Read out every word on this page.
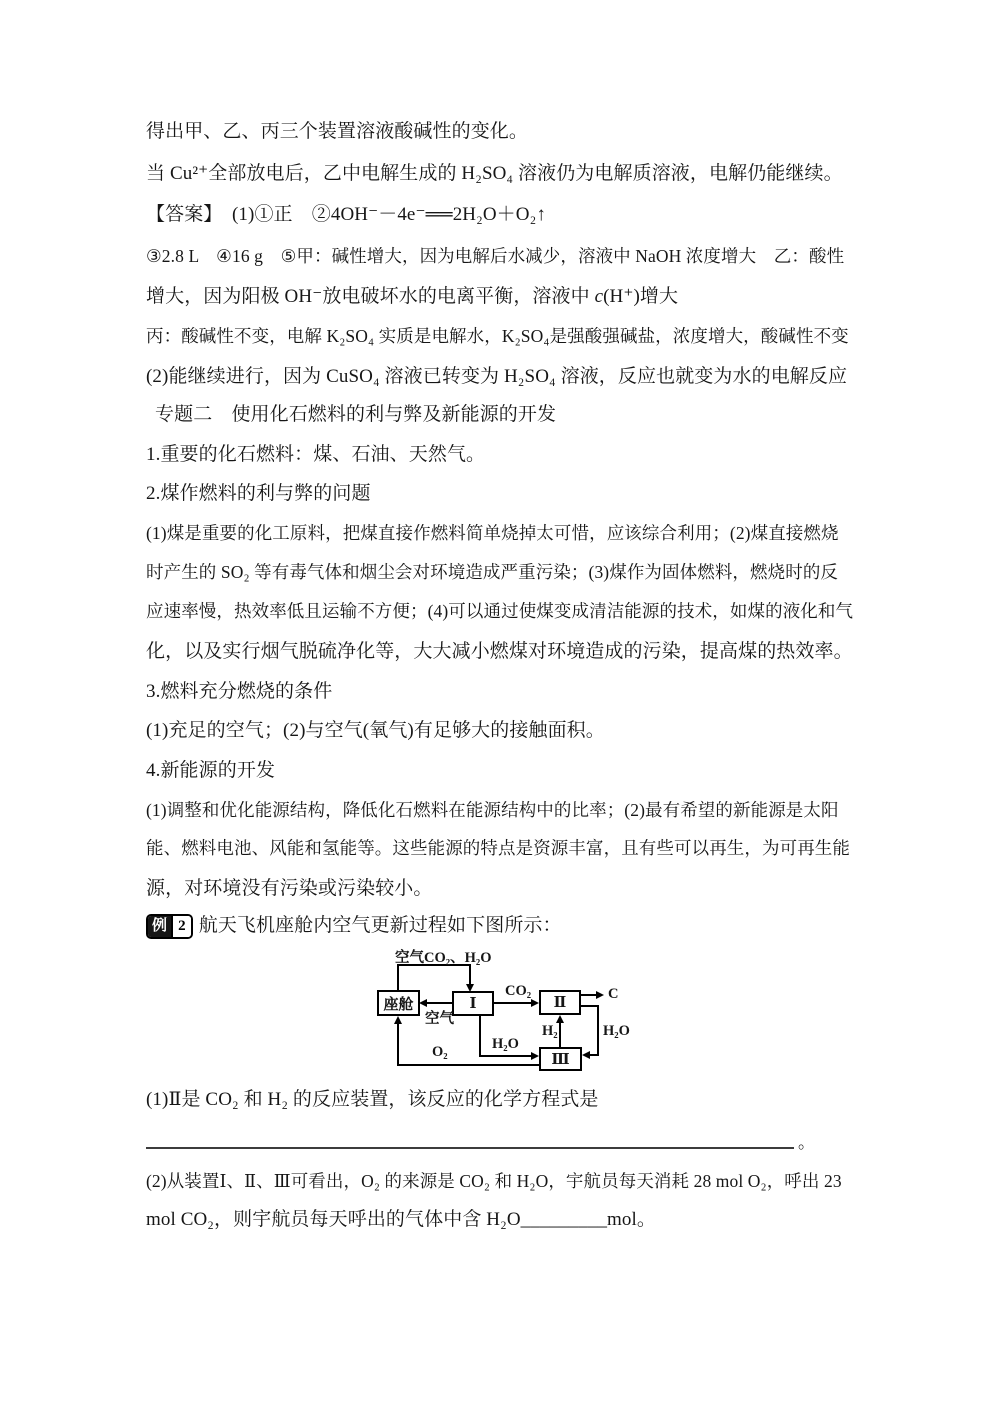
得出甲、乙、丙三个装置溶液酸碱性的变化。
当 Cu²⁺全部放电后，乙中电解生成的 H₂SO₄ 溶液仍为电解质溶液，电解仍能继续。
【答案】　(1)①正　②4OH⁻－4e⁻══2H₂O＋O₂↑
③2.8 L　④16 g　⑤甲：碱性增大，因为电解后水减少，溶液中 NaOH 浓度增大　乙：酸性
增大，因为阳极 OH⁻放电破坏水的电离平衡，溶液中 c(H⁺)增大
丙：酸碱性不变，电解 K₂SO₄ 实质是电解水，K₂SO₄是强酸强碱盐，浓度增大，酸碱性不变
(2)能继续进行，因为 CuSO₄ 溶液已转变为 H₂SO₄ 溶液，反应也就变为水的电解反应
专题二　使用化石燃料的利与弊及新能源的开发
1.重要的化石燃料：煤、石油、天然气。
2.煤作燃料的利与弊的问题
(1)煤是重要的化工原料，把煤直接作燃料简单烧掉太可惜，应该综合利用；(2)煤直接燃烧
时产生的 SO₂ 等有毒气体和烟尘会对环境造成严重污染；(3)煤作为固体燃料，燃烧时的反
应速率慢，热效率低且运输不方便；(4)可以通过使煤变成清洁能源的技术，如煤的液化和气
化，以及实行烟气脱硫净化等，大大减小燃煤对环境造成的污染，提高煤的热效率。
3.燃料充分燃烧的条件
(1)充足的空气；(2)与空气(氧气)有足够大的接触面积。
4.新能源的开发
(1)调整和优化能源结构，降低化石燃料在能源结构中的比率；(2)最有希望的新能源是太阳
能、燃料电池、风能和氢能等。这些能源的特点是资源丰富，且有些可以再生，为可再生能
源，对环境没有污染或污染较小。
例 2 航天飞机座舱内空气更新过程如下图所示：
座舱	Ⅰ	Ⅱ
Ⅲ
空气CO₂、H₂O
空气
CO₂	C
H₂O
H₂
H₂O
O₂
(1)Ⅱ是 CO₂ 和 H₂ 的反应装置，该反应的化学方程式是
。
(2)从装置Ⅰ、Ⅱ、Ⅲ可看出，O₂ 的来源是 CO₂ 和 H₂O，宇航员每天消耗 28 mol O₂，呼出 23
mol CO₂，则宇航员每天呼出的气体中含 H₂O_________mol。
